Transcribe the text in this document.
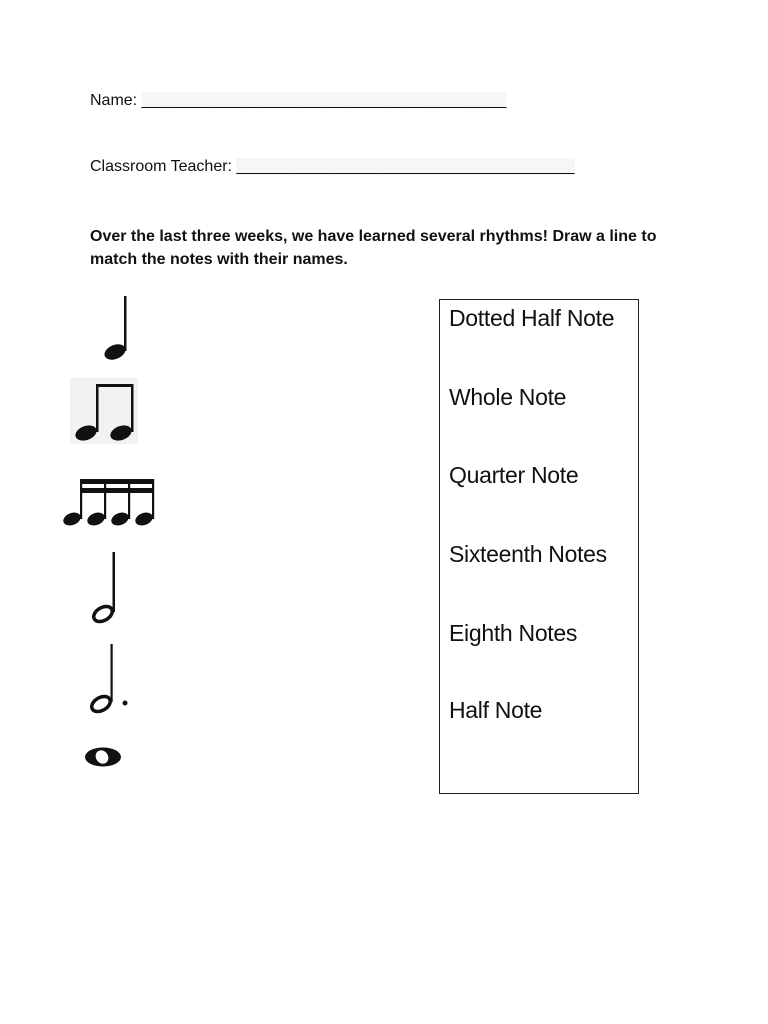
Name: _________________________________________
Classroom Teacher: ______________________________________
Over the last three weeks, we have learned several rhythms! Draw a line to match the notes with their names.
Dotted Half Note
Whole Note
Quarter Note
Sixteenth Notes
Eighth Notes
Half Note
